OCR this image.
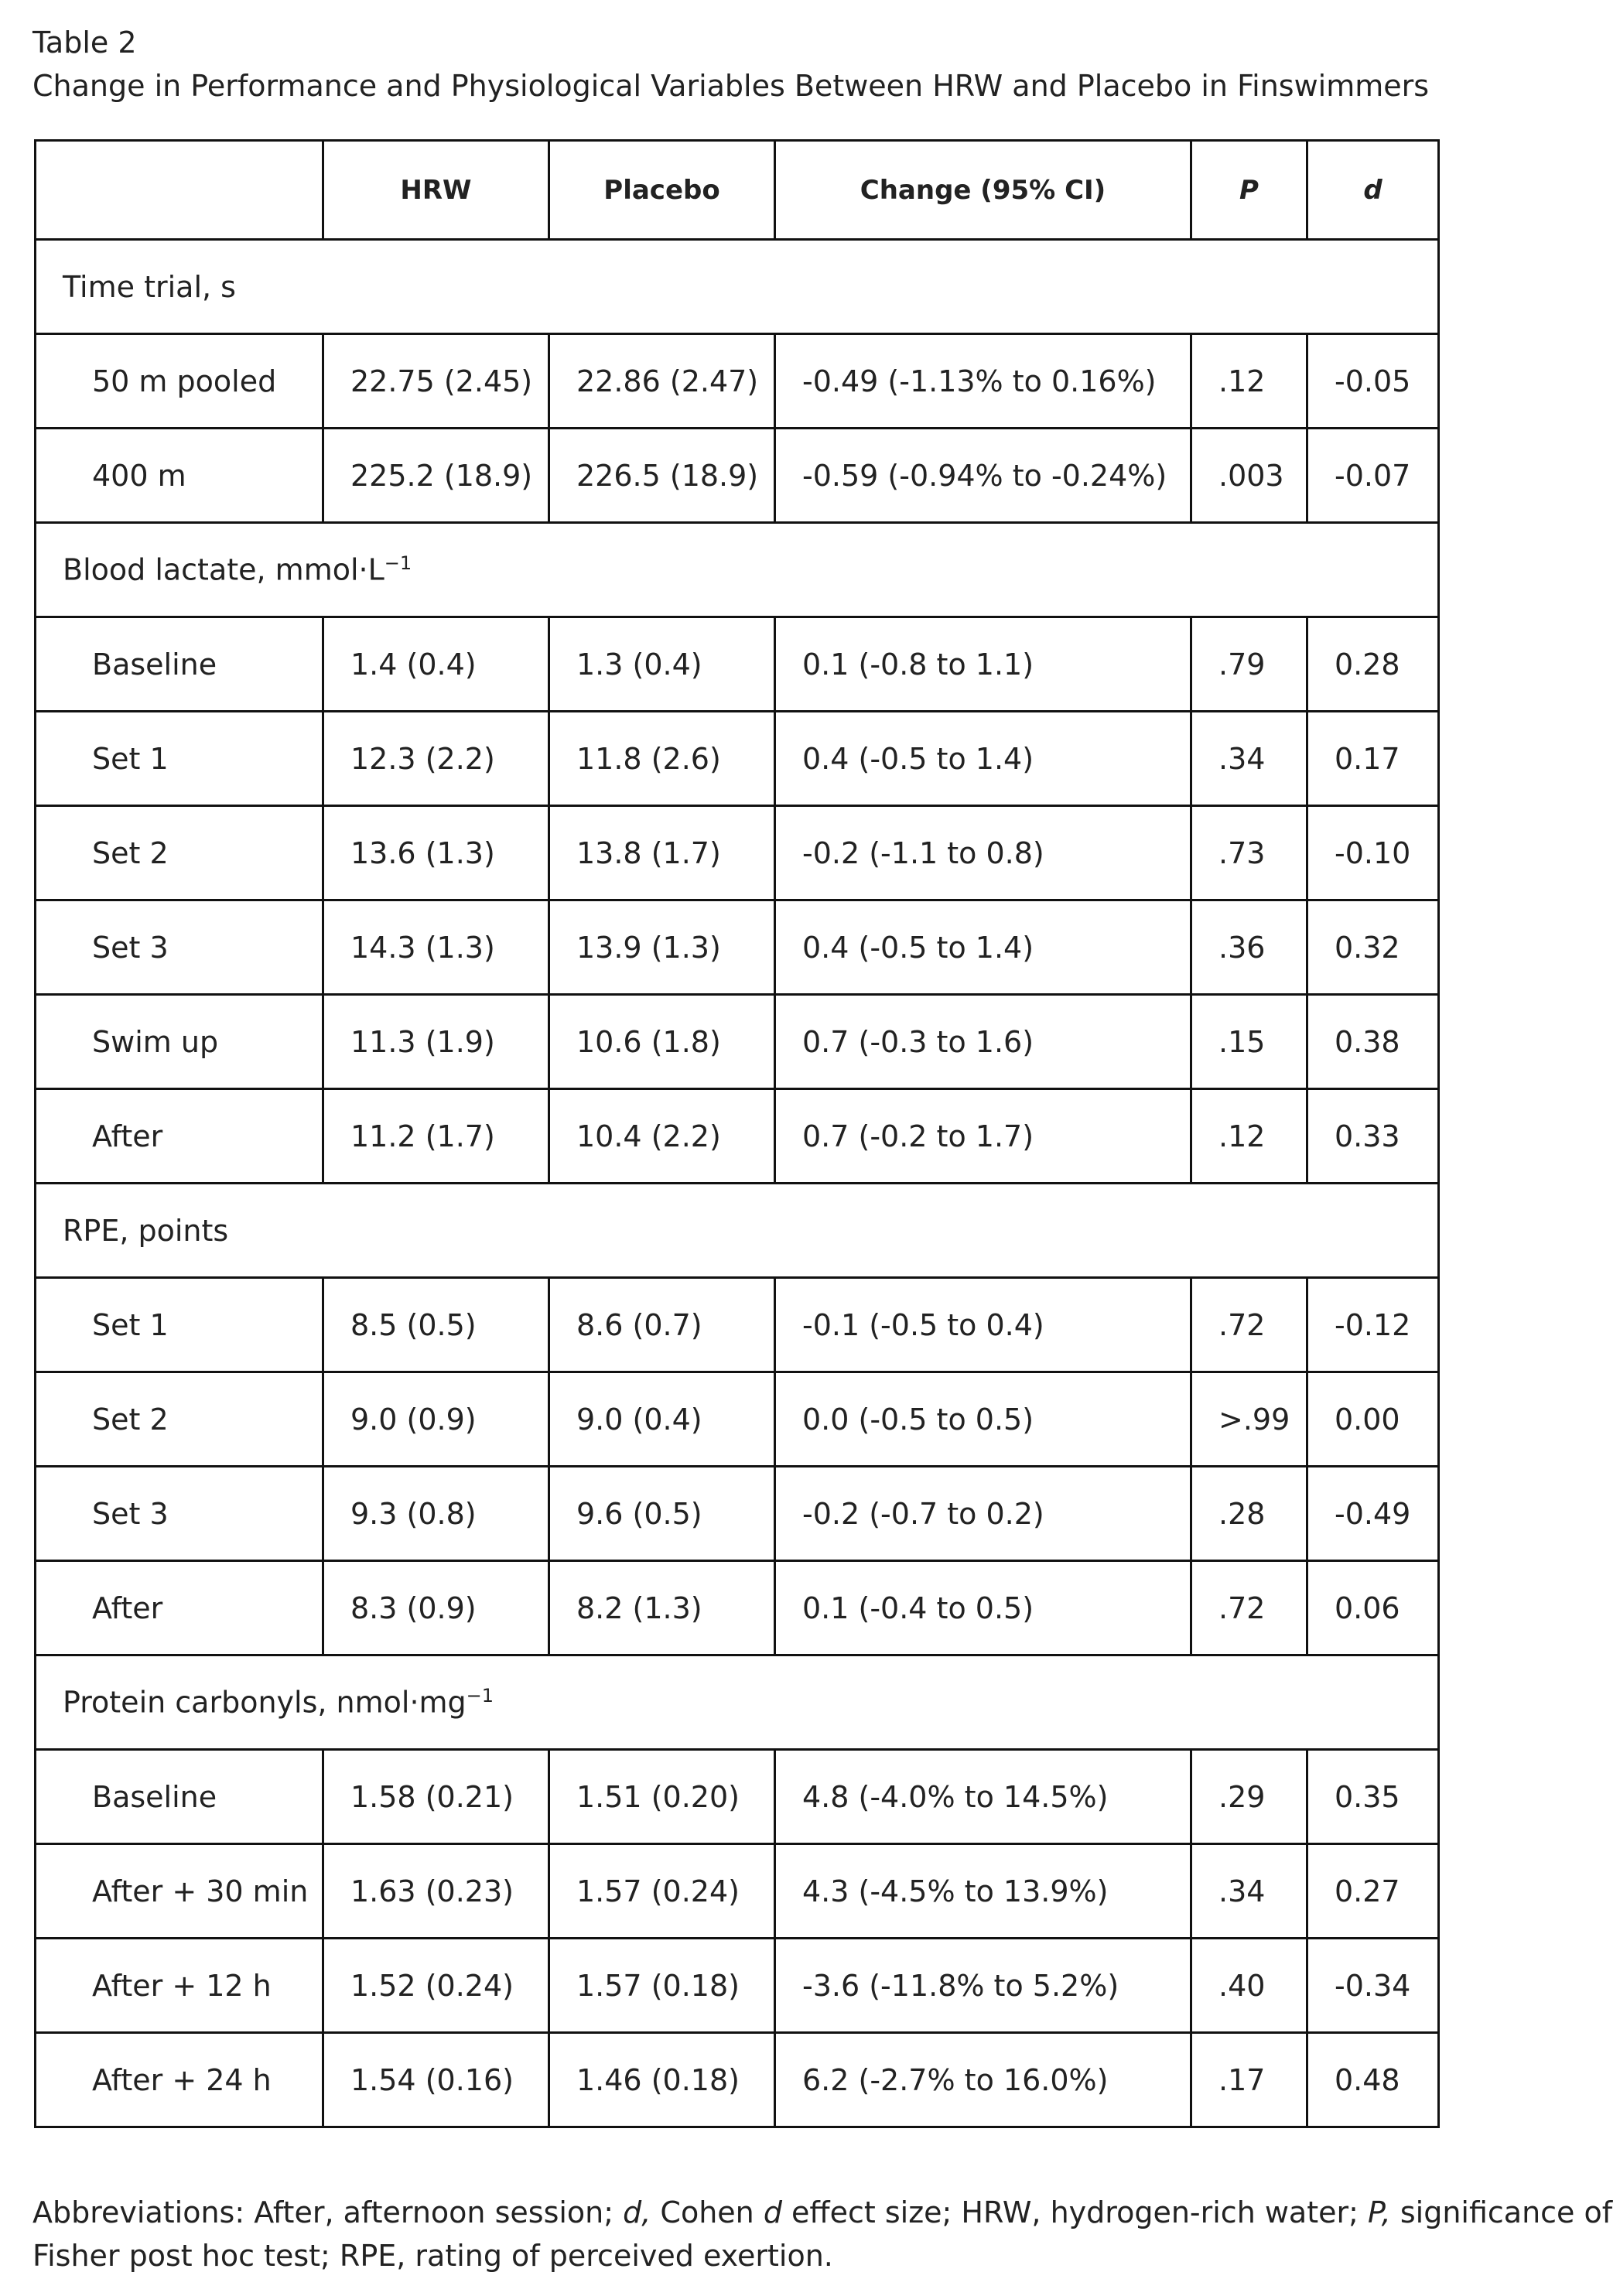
Table 2
Change in Performance and Physiological Variables Between HRW and Placebo in Finswimmers
	HRW	Placebo	Change (95% CI)	P	d
Time trial, s					
50 m pooled	22.75 (2.45)	22.86 (2.47)	-0.49 (-1.13% to 0.16%)	.12	-0.05
400 m	225.2 (18.9)	226.5 (18.9)	-0.59 (-0.94% to -0.24%)	.003	-0.07
Blood lactate, $mmol\cdot L^{-1}$
Baseline	1.4 (0.4)	1.3 (0.4)	0.1 (-0.8 to 1.1)	.79	0.28
Set 1	12.3 (2.2)	11.8 (2.6)	0.4 (-0.5 to 1.4)	.34	0.17
Set 2	13.6 (1.3)	13.8 (1.7)	-0.2 (-1.1 to 0.8)	.73	-0.10
Set 3	14.3 (1.3)	13.9 (1.3)	0.4 (-0.5 to 1.4)	.36	0.32
Swim up	11.3 (1.9)	10.6 (1.8)	0.7 (-0.3 to 1.6)	.15	0.38
After	11.2 (1.7)	10.4 (2.2)	0.7 (-0.2 to 1.7)	.12	0.33
RPE, points					
Set 1	8.5 (0.5)	8.6 (0.7)	-0.1 (-0.5 to 0.4)	.72	-0.12
Set 2	9.0 (0.9)	9.0 (0.4)	0.0 (-0.5 to 0.5)	>.99	0.00
Set 3	9.3 (0.8)	9.6 (0.5)	-0.2 (-0.7 to 0.2)	.28	-0.49
After	8.3 (0.9)	8.2 (1.3)	0.1 (-0.4 to 0.5)	.72	0.06
Protein carbonyls, $nmol\cdot mg^{-1}$
Baseline	1.58 (0.21)	1.51 (0.20)	4.8 (-4.0% to 14.5%)	.29	0.35
After + 30 min	1.63 (0.23)	1.57 (0.24)	4.3 (-4.5% to 13.9%)	.34	0.27
After + 12 h	1.52 (0.24)	1.57 (0.18)	-3.6 (-11.8% to 5.2%)	.40	-0.34
After + 24 h	1.54 (0.16)	1.46 (0.18)	6.2 (-2.7% to 16.0%)	.17	0.48
Abbreviations: After, afternoon session; d, Cohen d effect size; HRW, hydrogen-rich water; P, significance of Fisher post hoc test; RPE, rating of perceived exertion.
